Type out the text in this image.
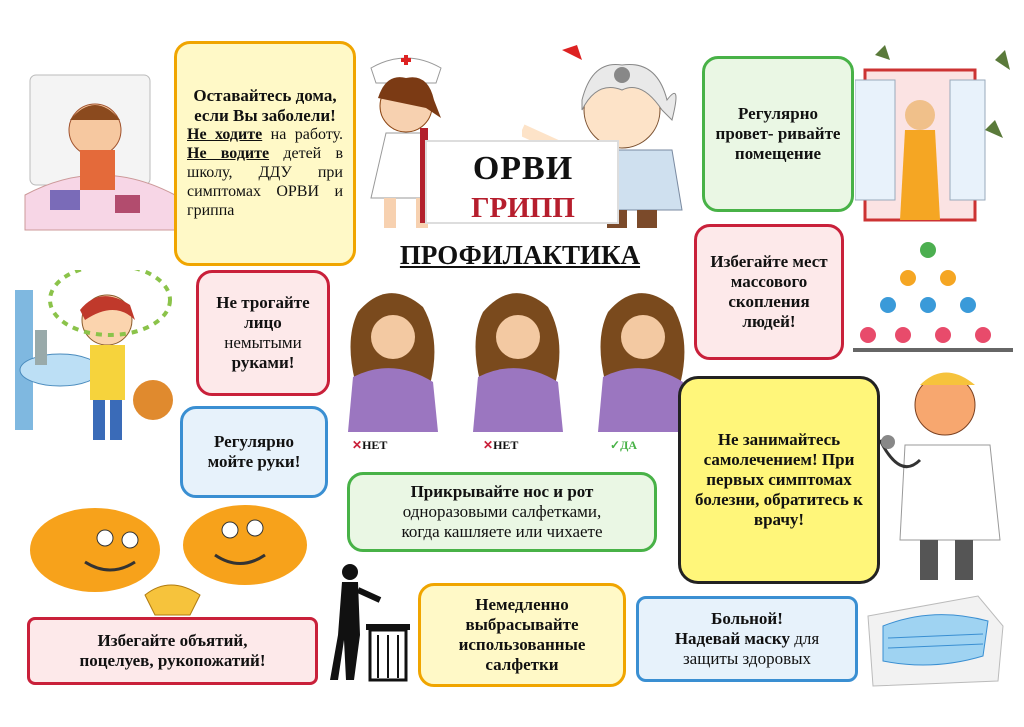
Оставайтесь дома, если Вы заболели!
Не ходите на работу. Не водите детей в школу, ДДУ при симптомах ОРВИ и гриппа
ОРВИ
ГРИПП
ПРОФИЛАКТИКА
Регулярно провет- ривайте помещение
Не трогайте лицо
немытыми
руками!
Регулярно мойте руки!
✕НЕТ	✕НЕТ	✓ДА
Избегайте мест массового скопления людей!
Не занимайтесь самолечением! При первых симптомах болезни, обратитесь к врачу!
Прикрывайте нос и рот
одноразовыми салфетками,
когда кашляете или чихаете
Избегайте объятий,
поцелуев, рукопожатий!
Немедленно выбрасывайте использованные салфетки
Больной!
Надевай маску для
защиты здоровых
